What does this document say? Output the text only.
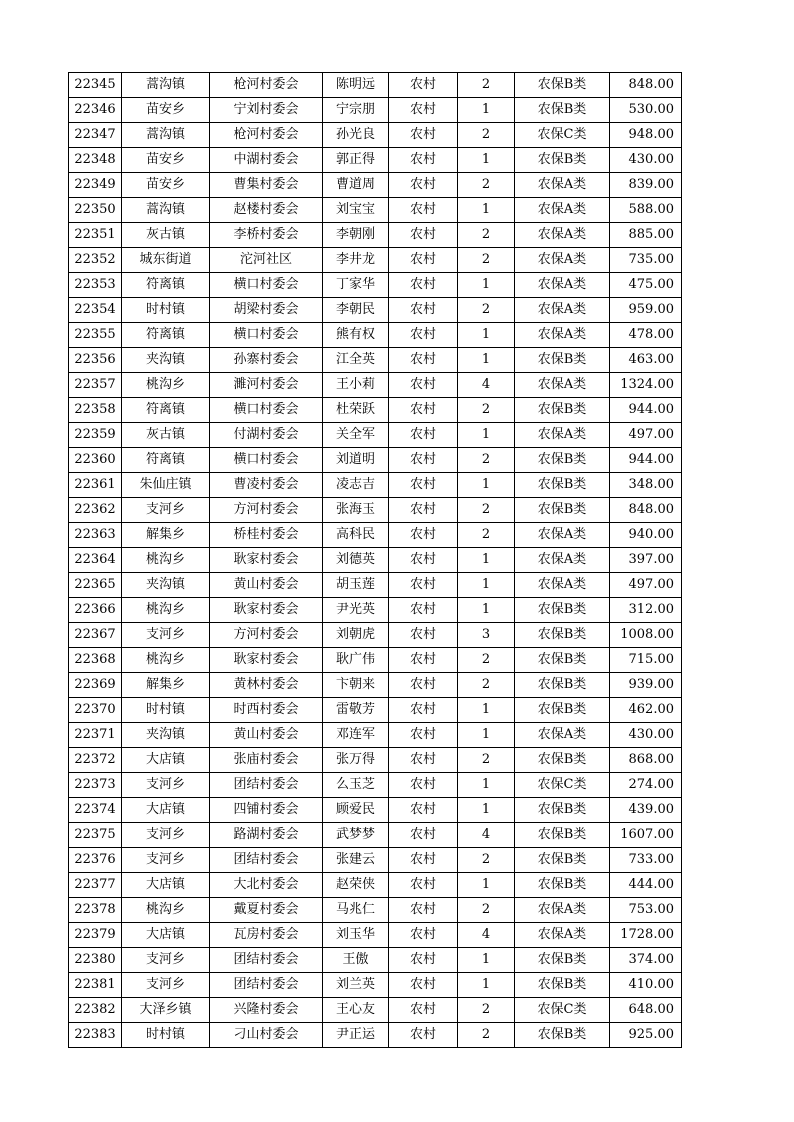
22345	蒿沟镇	枪河村委会	陈明远	农村	2	农保B类	848.00
22346	苗安乡	宁刘村委会	宁宗朋	农村	1	农保B类	530.00
22347	蒿沟镇	枪河村委会	孙光良	农村	2	农保C类	948.00
22348	苗安乡	中湖村委会	郭正得	农村	1	农保B类	430.00
22349	苗安乡	曹集村委会	曹道周	农村	2	农保A类	839.00
22350	蒿沟镇	赵楼村委会	刘宝宝	农村	1	农保A类	588.00
22351	灰古镇	李桥村委会	李朝刚	农村	2	农保A类	885.00
22352	城东街道	沱河社区	李井龙	农村	2	农保A类	735.00
22353	符离镇	横口村委会	丁家华	农村	1	农保A类	475.00
22354	时村镇	胡梁村委会	李朝民	农村	2	农保A类	959.00
22355	符离镇	横口村委会	熊有权	农村	1	农保A类	478.00
22356	夹沟镇	孙寨村委会	江全英	农村	1	农保B类	463.00
22357	桃沟乡	濉河村委会	王小莉	农村	4	农保A类	1324.00
22358	符离镇	横口村委会	杜荣跃	农村	2	农保B类	944.00
22359	灰古镇	付湖村委会	关全军	农村	1	农保A类	497.00
22360	符离镇	横口村委会	刘道明	农村	2	农保B类	944.00
22361	朱仙庄镇	曹凌村委会	凌志吉	农村	1	农保B类	348.00
22362	支河乡	方河村委会	张海玉	农村	2	农保B类	848.00
22363	解集乡	桥桂村委会	高科民	农村	2	农保A类	940.00
22364	桃沟乡	耿家村委会	刘德英	农村	1	农保A类	397.00
22365	夹沟镇	黄山村委会	胡玉莲	农村	1	农保A类	497.00
22366	桃沟乡	耿家村委会	尹光英	农村	1	农保B类	312.00
22367	支河乡	方河村委会	刘朝虎	农村	3	农保B类	1008.00
22368	桃沟乡	耿家村委会	耿广伟	农村	2	农保B类	715.00
22369	解集乡	黄林村委会	卞朝来	农村	2	农保B类	939.00
22370	时村镇	时西村委会	雷敬芳	农村	1	农保B类	462.00
22371	夹沟镇	黄山村委会	邓连军	农村	1	农保A类	430.00
22372	大店镇	张庙村委会	张万得	农村	2	农保B类	868.00
22373	支河乡	团结村委会	么玉芝	农村	1	农保C类	274.00
22374	大店镇	四铺村委会	顾爱民	农村	1	农保B类	439.00
22375	支河乡	路湖村委会	武梦梦	农村	4	农保B类	1607.00
22376	支河乡	团结村委会	张建云	农村	2	农保B类	733.00
22377	大店镇	大北村委会	赵荣侠	农村	1	农保B类	444.00
22378	桃沟乡	戴夏村委会	马兆仁	农村	2	农保A类	753.00
22379	大店镇	瓦房村委会	刘玉华	农村	4	农保A类	1728.00
22380	支河乡	团结村委会	王傲	农村	1	农保B类	374.00
22381	支河乡	团结村委会	刘兰英	农村	1	农保B类	410.00
22382	大泽乡镇	兴隆村委会	王心友	农村	2	农保C类	648.00
22383	时村镇	刁山村委会	尹正运	农村	2	农保B类	925.00
